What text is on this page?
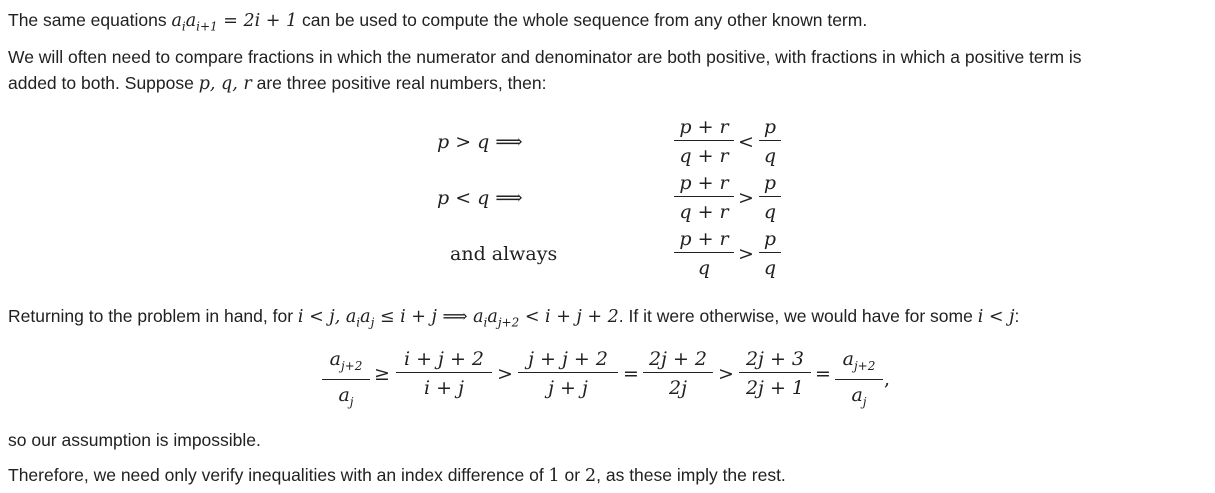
The same equations $a_ia_{i+1} = 2i + 1$ can be used to compute the whole sequence from any other known term.
We will often need to compare fractions in which the numerator and denominator are both positive, with fractions in which a positive term is
added to both. Suppose p, q, r are three positive real numbers, then:
p > q ⟹
p < q ⟹
and always
$\frac{p + r}{q + r} < \frac{p}{q}$
$\frac{p + r}{q + r} > \frac{p}{q}$
$\frac{p + r}{q} > \frac{p}{q}$
Returning to the problem in hand, for i < j, $a_ia_j \le i + j$ ⟹ $a_ia_{j+2} < i + j + 2$. If it were otherwise, we would have for some i < j:
$\frac{a_{j+2}}{a_j} \ge \frac{i + j + 2}{i + j} > \frac{j + j + 2}{j + j} = \frac{2j + 2}{2j} > \frac{2j + 3}{2j + 1} = \frac{a_{j+2}}{a_j}$ ,
so our assumption is impossible.
Therefore, we need only verify inequalities with an index difference of 1 or 2, as these imply the rest.
